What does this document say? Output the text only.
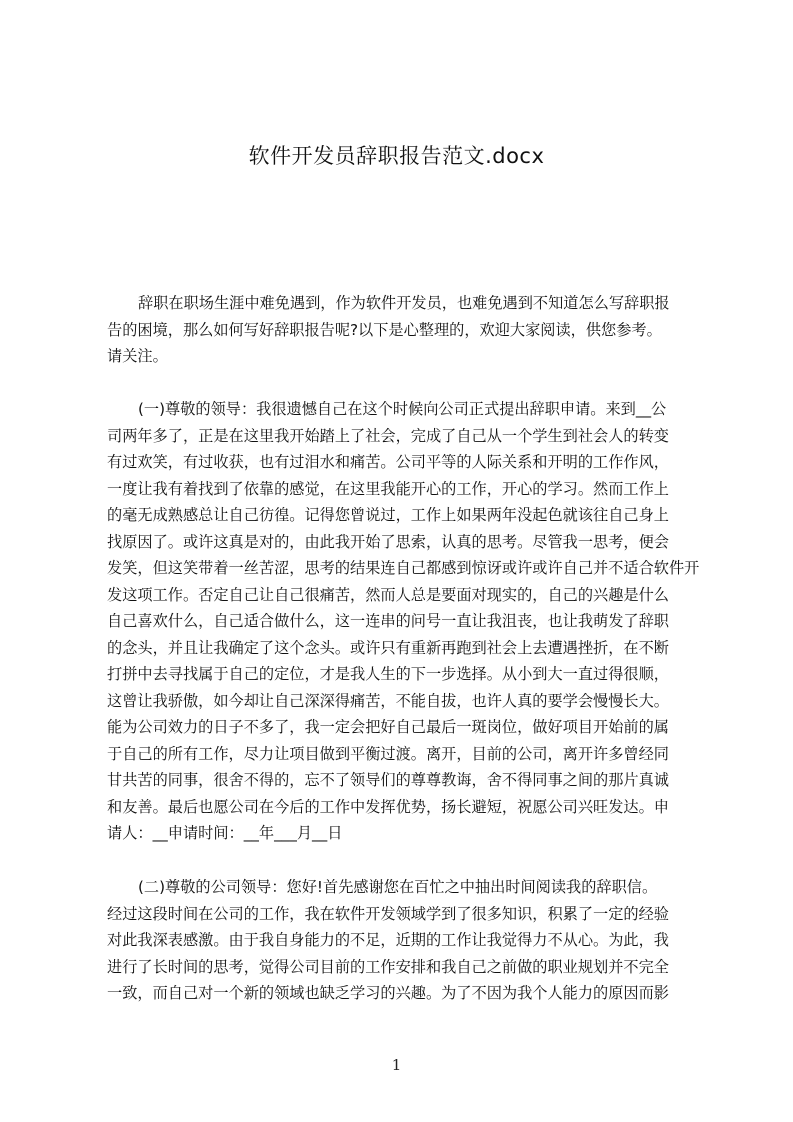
软件开发员辞职报告范文.docx
辞职在职场生涯中难免遇到，作为软件开发员，也难免遇到不知道怎么写辞职报
告的困境，那么如何写好辞职报告呢?以下是心整理的，欢迎大家阅读，供您参考。
请关注。
(一)尊敬的领导：我很遗憾自己在这个时候向公司正式提出辞职申请。来到__公
司两年多了，正是在这里我开始踏上了社会，完成了自己从一个学生到社会人的转变
有过欢笑，有过收获，也有过泪水和痛苦。公司平等的人际关系和开明的工作作风，
一度让我有着找到了依靠的感觉，在这里我能开心的工作，开心的学习。然而工作上
的毫无成熟感总让自己彷徨。记得您曾说过，工作上如果两年没起色就该往自己身上
找原因了。或许这真是对的，由此我开始了思索，认真的思考。尽管我一思考，便会
发笑，但这笑带着一丝苦涩，思考的结果连自己都感到惊讶或许或许自己并不适合软件开
发这项工作。否定自己让自己很痛苦，然而人总是要面对现实的，自己的兴趣是什么
自己喜欢什么，自己适合做什么，这一连串的问号一直让我沮丧，也让我萌发了辞职
的念头，并且让我确定了这个念头。或许只有重新再跑到社会上去遭遇挫折，在不断
打拼中去寻找属于自己的定位，才是我人生的下一步选择。从小到大一直过得很顺，
这曾让我骄傲，如今却让自己深深得痛苦，不能自拔，也许人真的要学会慢慢长大。
能为公司效力的日子不多了，我一定会把好自己最后一斑岗位，做好项目开始前的属
于自己的所有工作，尽力让项目做到平衡过渡。离开，目前的公司，离开许多曾经同
甘共苦的同事，很舍不得的，忘不了领导们的尊尊教诲，舍不得同事之间的那片真诚
和友善。最后也愿公司在今后的工作中发挥优势，扬长避短，祝愿公司兴旺发达。申
请人：__申请时间：__年___月__日
(二)尊敬的公司领导：您好!首先感谢您在百忙之中抽出时间阅读我的辞职信。
经过这段时间在公司的工作，我在软件开发领域学到了很多知识，积累了一定的经验
对此我深表感激。由于我自身能力的不足，近期的工作让我觉得力不从心。为此，我
进行了长时间的思考，觉得公司目前的工作安排和我自己之前做的职业规划并不完全
一致，而自己对一个新的领域也缺乏学习的兴趣。为了不因为我个人能力的原因而影
1
